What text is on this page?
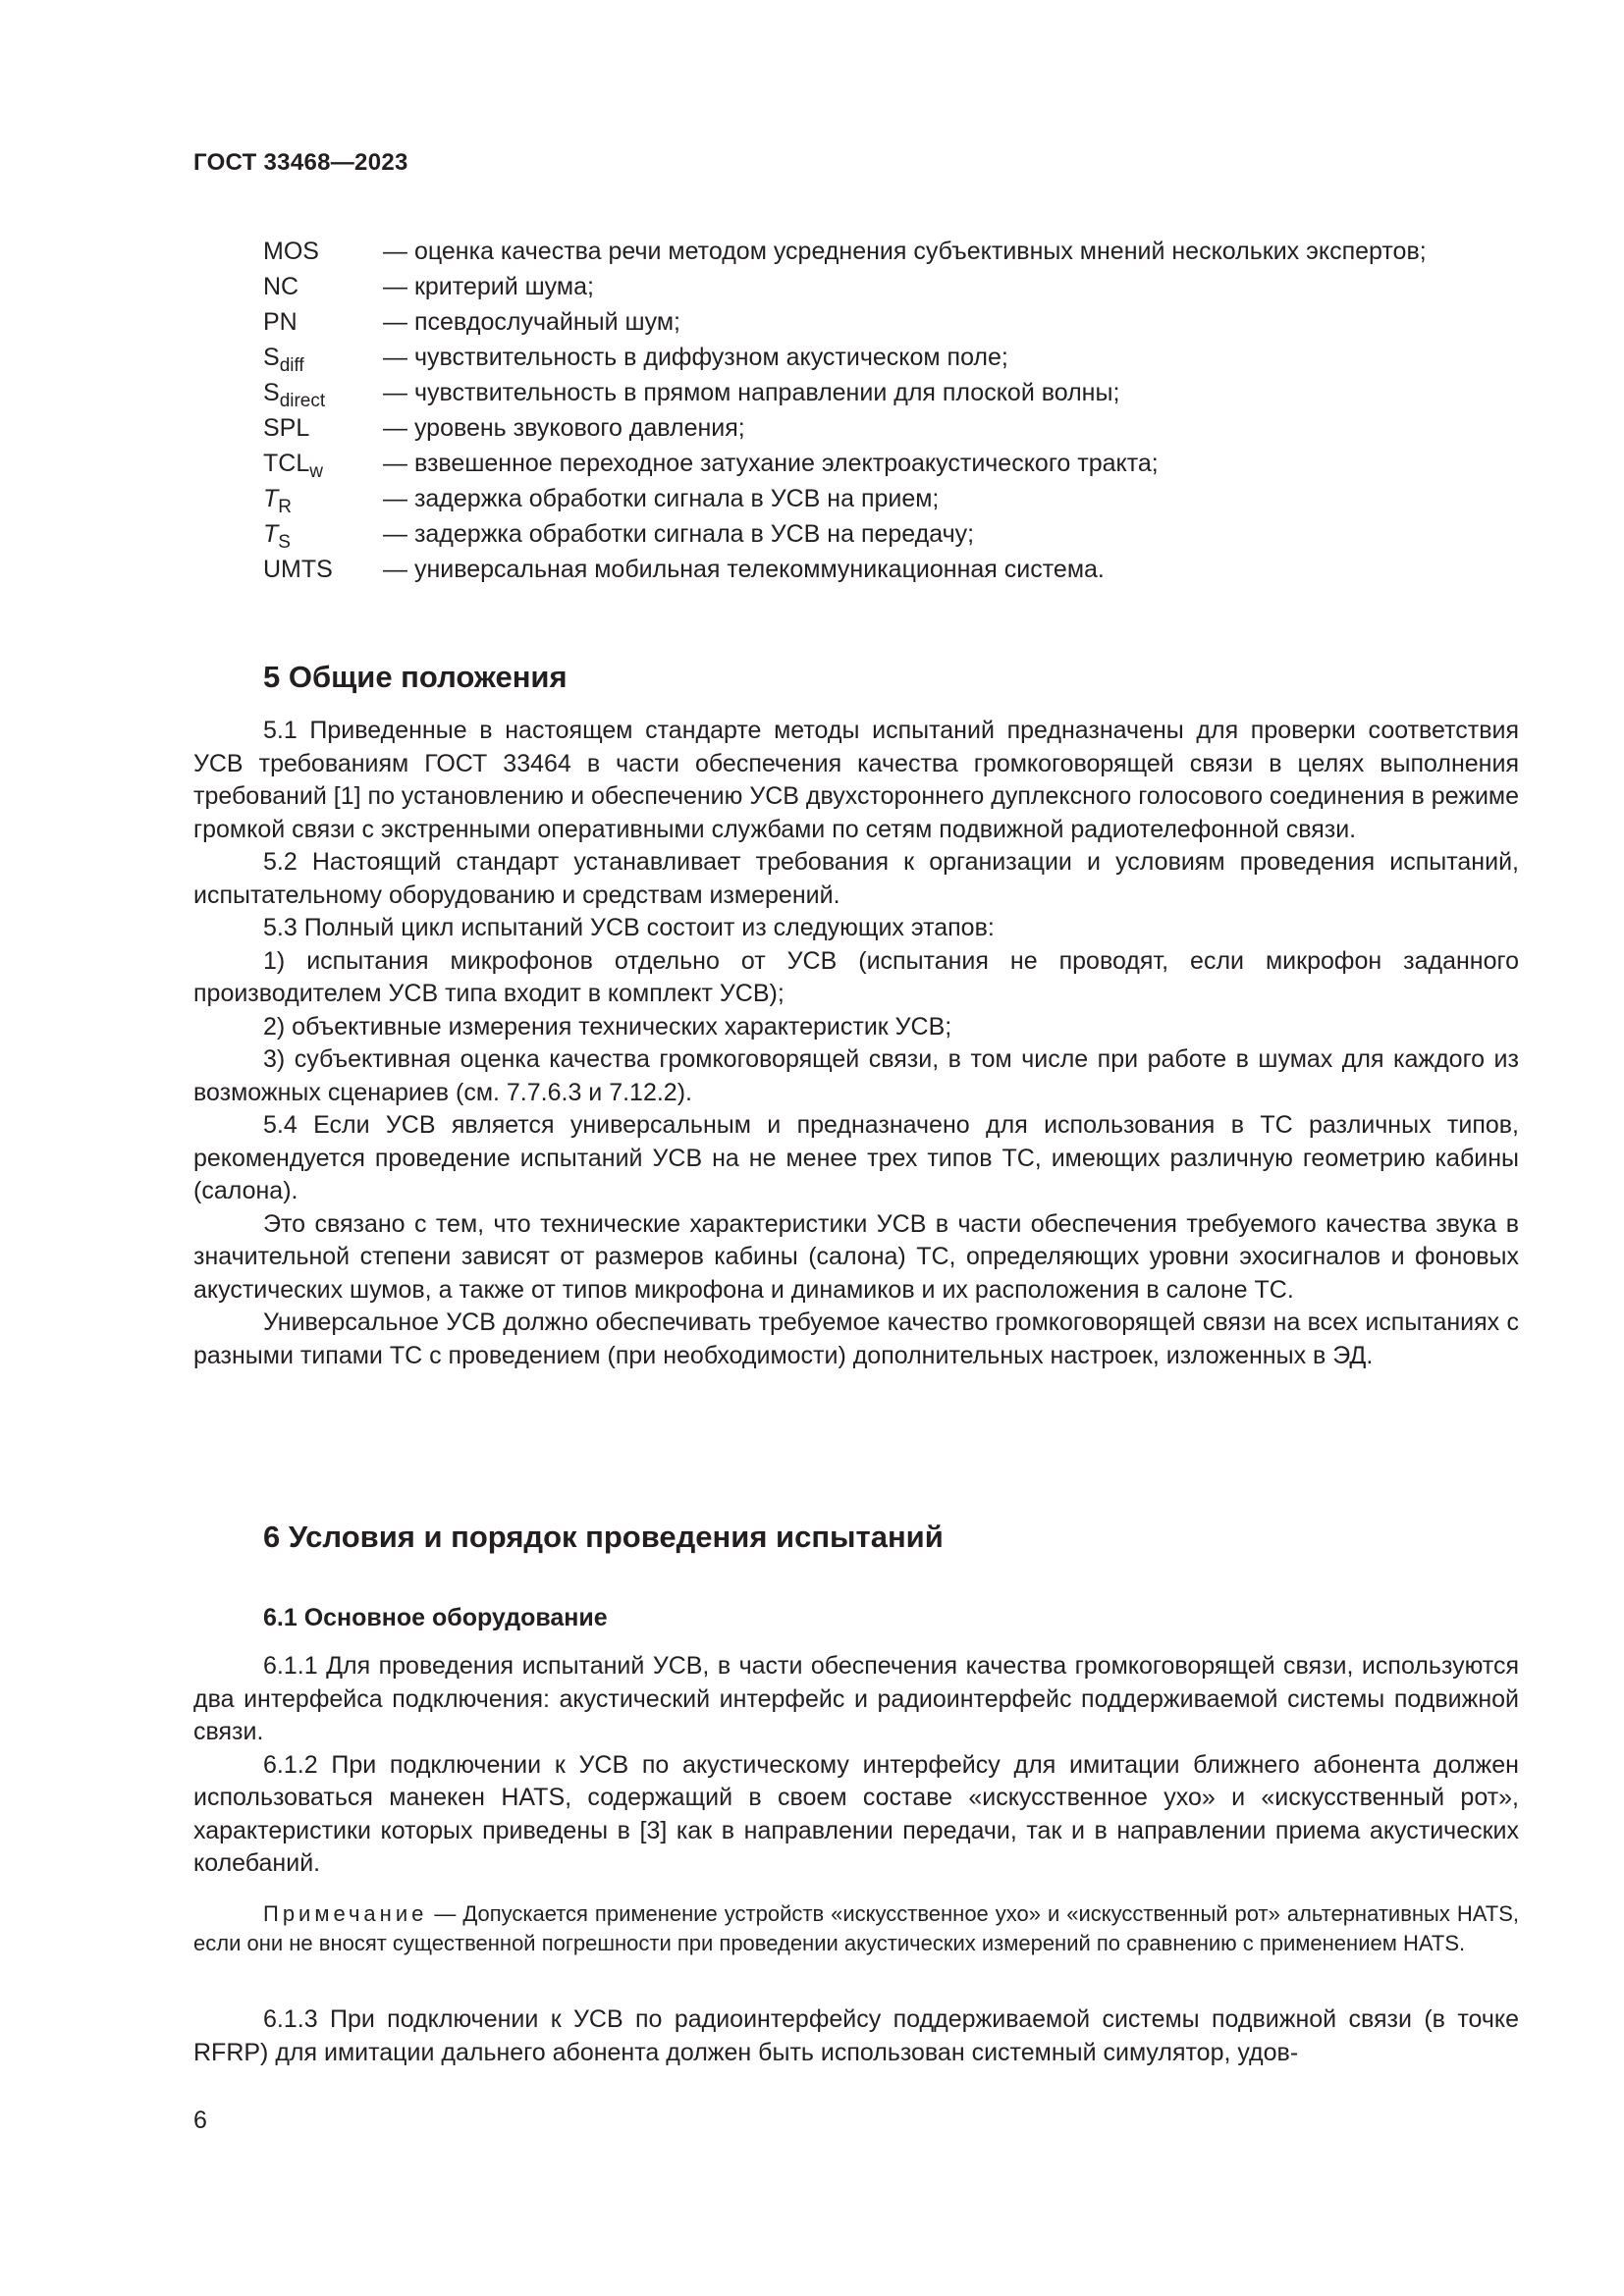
ГОСТ 33468—2023
MOS	— оценка качества речи методом усреднения субъективных мнений нескольких экспертов;
NC	— критерий шума;
PN	— псевдослучайный шум;
$S_{diff}$	— чувствительность в диффузном акустическом поле;
$S_{direct}$	— чувствительность в прямом направлении для плоской волны;
SPL	— уровень звукового давления;
$TCL_w$	— взвешенное переходное затухание электроакустического тракта;
$T_R$	— задержка обработки сигнала в УСВ на прием;
$T_S$	— задержка обработки сигнала в УСВ на передачу;
UMTS	— универсальная мобильная телекоммуникационная система.
5 Общие положения

5.1 Приведенные в настоящем стандарте методы испытаний предназначены для проверки соответствия УСВ требованиям ГОСТ 33464 в части обеспечения качества громкоговорящей связи в целях выполнения требований [1] по установлению и обеспечению УСВ двухстороннего дуплексного голосового соединения в режиме громкой связи с экстренными оперативными службами по сетям подвижной радиотелефонной связи.

5.2 Настоящий стандарт устанавливает требования к организации и условиям проведения испытаний, испытательному оборудованию и средствам измерений.

5.3 Полный цикл испытаний УСВ состоит из следующих этапов:

1) испытания микрофонов отдельно от УСВ (испытания не проводят, если микрофон заданного производителем УСВ типа входит в комплект УСВ);

2) объективные измерения технических характеристик УСВ;

3) субъективная оценка качества громкоговорящей связи, в том числе при работе в шумах для каждого из возможных сценариев (см. 7.7.6.3 и 7.12.2).

5.4 Если УСВ является универсальным и предназначено для использования в ТС различных типов, рекомендуется проведение испытаний УСВ на не менее трех типов ТС, имеющих различную геометрию кабины (салона).

Это связано с тем, что технические характеристики УСВ в части обеспечения требуемого качества звука в значительной степени зависят от размеров кабины (салона) ТС, определяющих уровни эхосигналов и фоновых акустических шумов, а также от типов микрофона и динамиков и их расположения в салоне ТС.

Универсальное УСВ должно обеспечивать требуемое качество громкоговорящей связи на всех испытаниях с разными типами ТС с проведением (при необходимости) дополнительных настроек, изложенных в ЭД.

6 Условия и порядок проведения испытаний
6.1 Основное оборудование

6.1.1 Для проведения испытаний УСВ, в части обеспечения качества громкоговорящей связи, используются два интерфейса подключения: акустический интерфейс и радиоинтерфейс поддерживаемой системы подвижной связи.

6.1.2 При подключении к УСВ по акустическому интерфейсу для имитации ближнего абонента должен использоваться манекен HATS, содержащий в своем составе «искусственное ухо» и «искусственный рот», характеристики которых приведены в [3] как в направлении передачи, так и в направлении приема акустических колебаний.

Примечание — Допускается применение устройств «искусственное ухо» и «искусственный рот» альтернативных HATS, если они не вносят существенной погрешности при проведении акустических измерений по сравнению с применением HATS.

6.1.3 При подключении к УСВ по радиоинтерфейсу поддерживаемой системы подвижной связи (в точке RFRP) для имитации дальнего абонента должен быть использован системный симулятор, удов-

6
